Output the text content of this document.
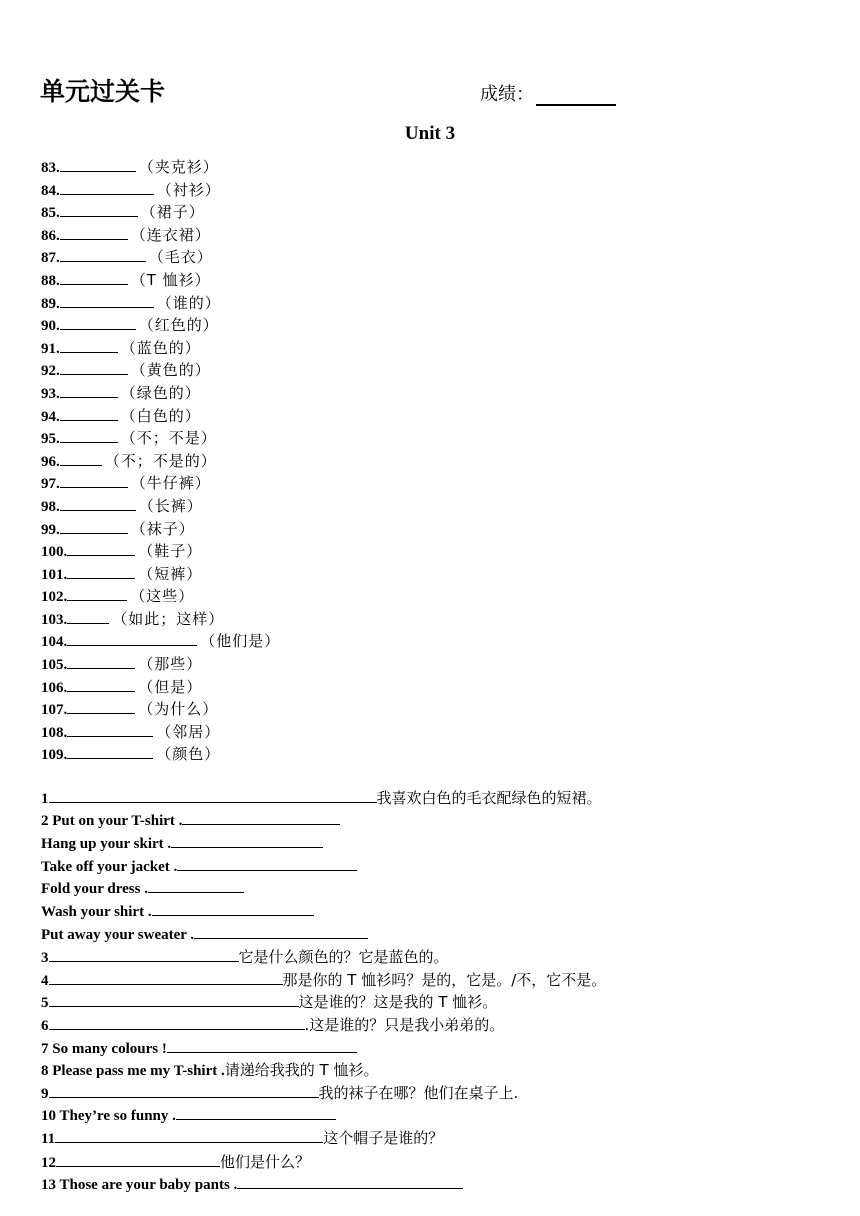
单元过关卡	成绩：
Unit 3
83.	（夹克衫）
84.	（衬衫）
85.	（裙子）
86.	（连衣裙）
87.	（毛衣）
88.	（T 恤衫）
89.	（谁的）
90.	（红色的）
91.	（蓝色的）
92.	（黄色的）
93.	（绿色的）
94.	（白色的）
95.	（不；不是）
96.	（不；不是的）
97.	（牛仔裤）
98.	（长裤）
99.	（袜子）
100.	（鞋子）
101.	（短裤）
102.	（这些）
103.	（如此；这样）
104.	（他们是）
105.	（那些）
106.	（但是）
107.	（为什么）
108.	（邻居）
109.	（颜色）
1	我喜欢白色的毛衣配绿色的短裙。
2 Put on your T-shirt .
Hang up your skirt .
Take off your jacket .
Fold your dress .
Wash your shirt .
Put away your sweater .
3	它是什么颜色的？它是蓝色的。
4	那是你的 T 恤衫吗？是的，它是。/不，它不是。
5	这是谁的？这是我的 T 恤衫。
6	.这是谁的？只是我小弟弟的。
7 So many colours !
8 Please pass me my T-shirt . 请递给我我的 T 恤衫。
9	我的袜子在哪？他们在桌子上.
10 They’re so funny .
11	这个帽子是谁的？
12	他们是什么？
13 Those are your baby pants .
